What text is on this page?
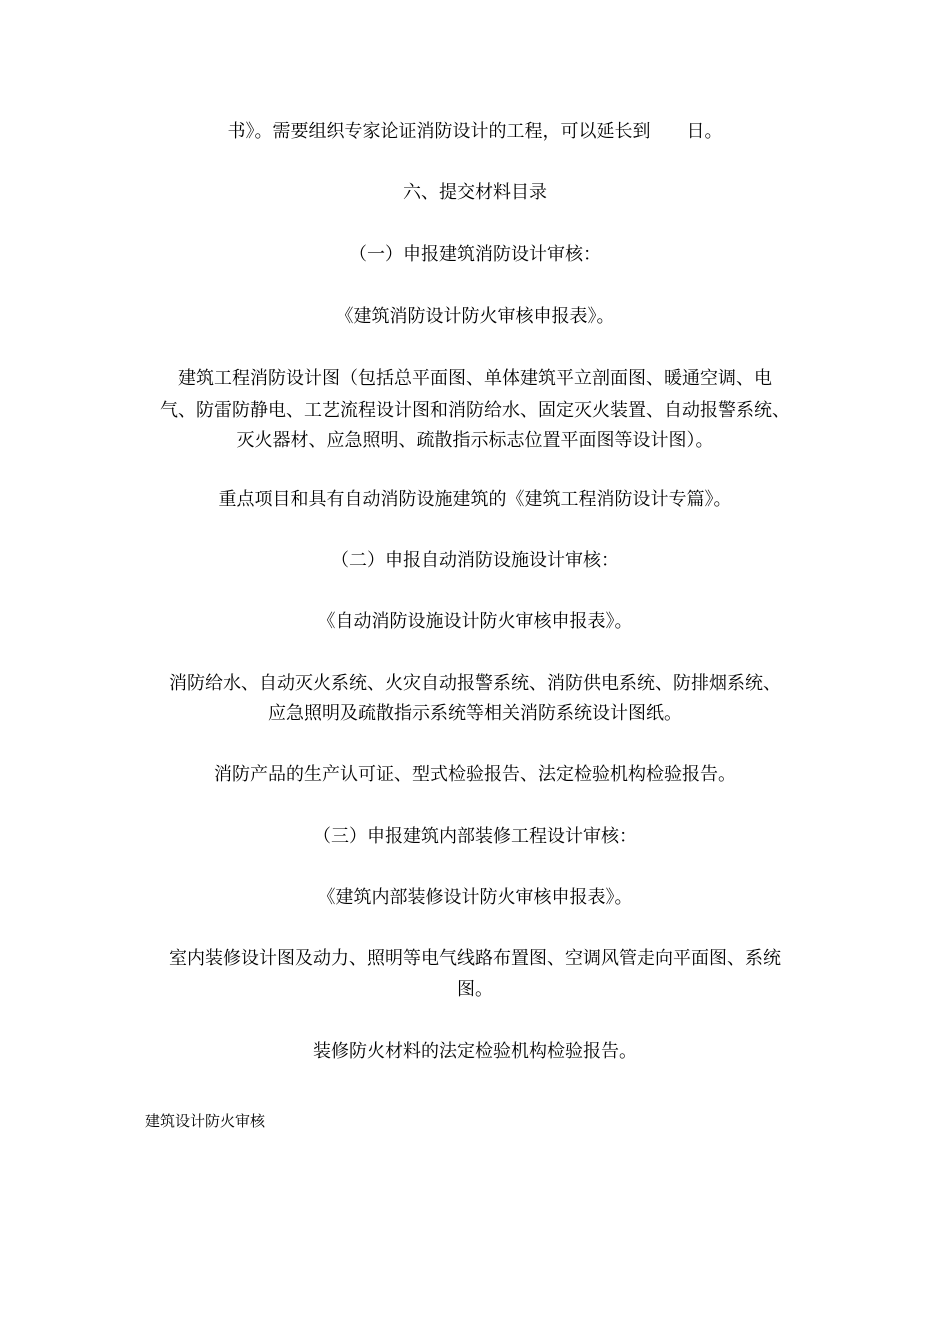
书》。需要组织专家论证消防设计的工程，可以延长到　　日。

六、提交材料目录

（一）申报建筑消防设计审核：

《建筑消防设计防火审核申报表》。

建筑工程消防设计图（包括总平面图、单体建筑平立剖面图、暖通空调、电

气、防雷防静电、工艺流程设计图和消防给水、固定灭火装置、自动报警系统、

灭火器材、应急照明、疏散指示标志位置平面图等设计图）。

重点项目和具有自动消防设施建筑的《建筑工程消防设计专篇》。

（二）申报自动消防设施设计审核：

《自动消防设施设计防火审核申报表》。

消防给水、自动灭火系统、火灾自动报警系统、消防供电系统、防排烟系统、

应急照明及疏散指示系统等相关消防系统设计图纸。

消防产品的生产认可证、型式检验报告、法定检验机构检验报告。

（三）申报建筑内部装修工程设计审核：

《建筑内部装修设计防火审核申报表》。

室内装修设计图及动力、照明等电气线路布置图、空调风管走向平面图、系统

图。

装修防火材料的法定检验机构检验报告。

建筑设计防火审核
